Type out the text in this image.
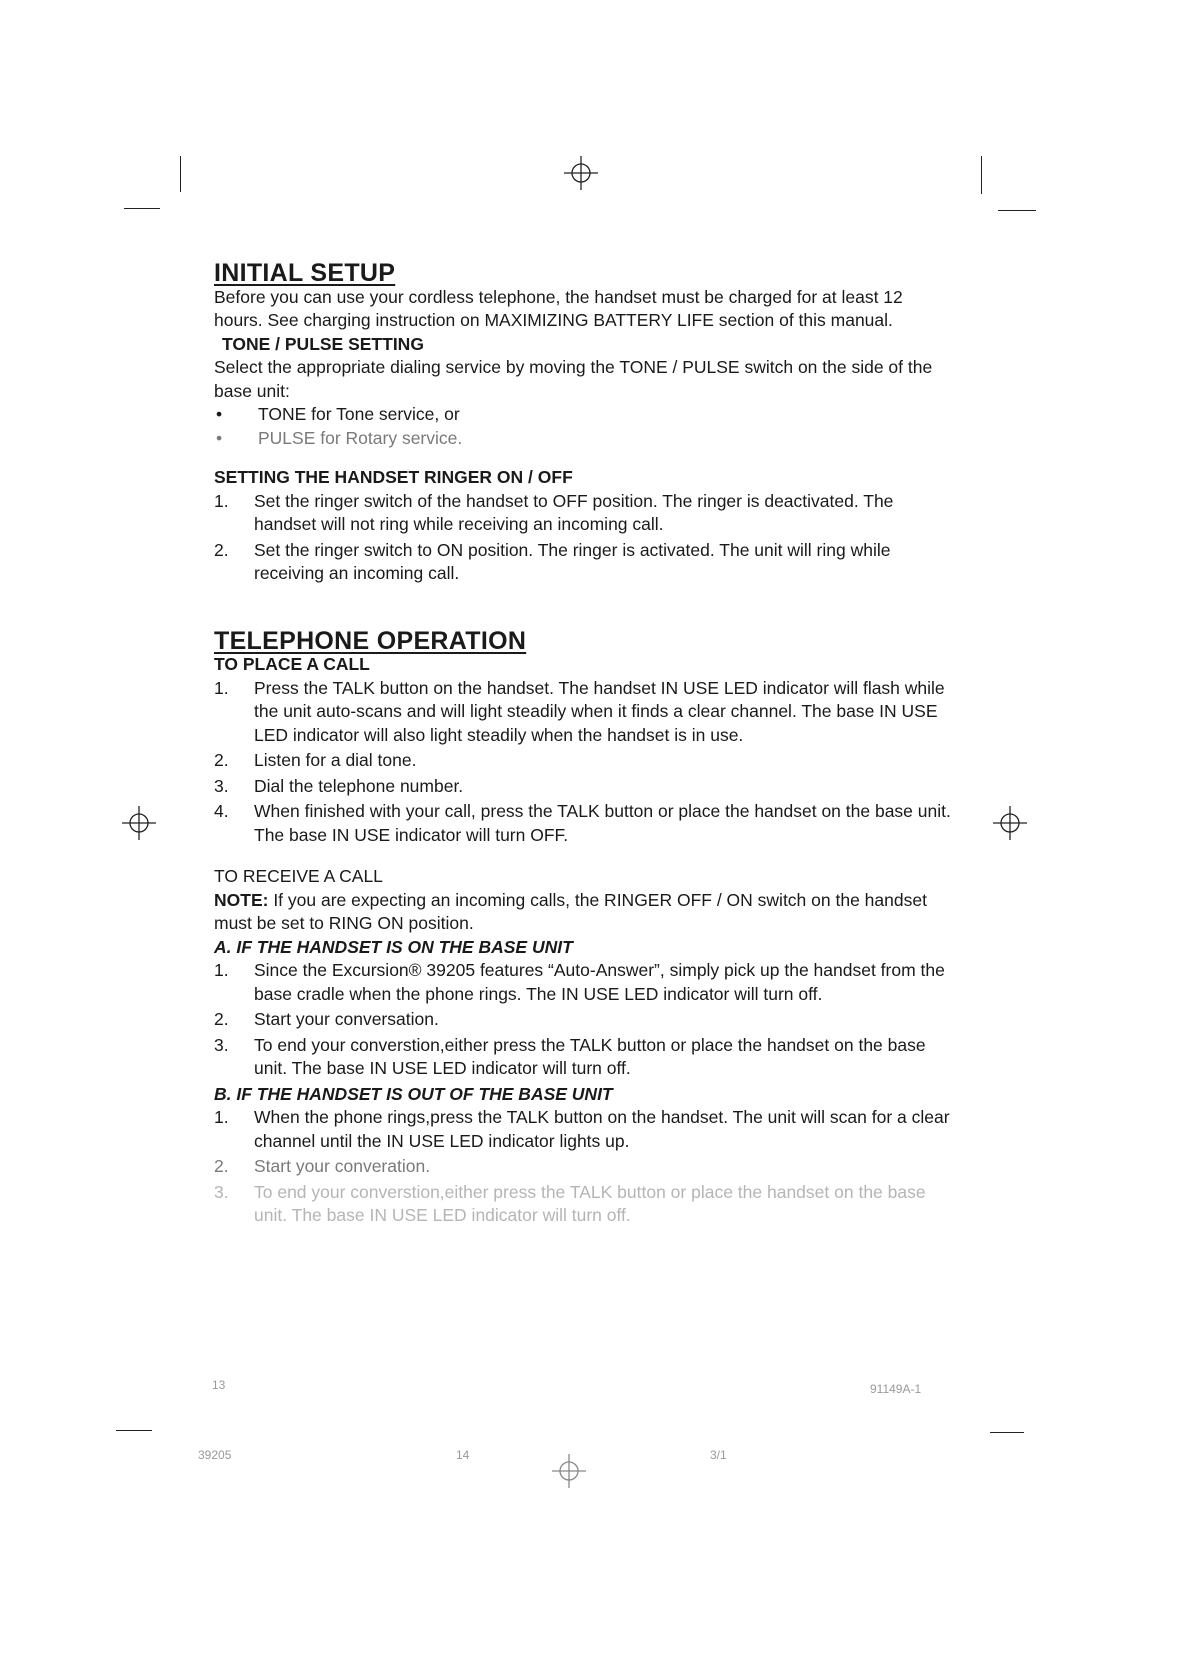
INITIAL SETUP

Before you can use your cordless telephone, the handset must be charged for at least 12 hours. See charging instruction on MAXIMIZING BATTERY LIFE section of this manual.

TONE / PULSE SETTING

Select the appropriate dialing service by moving the TONE / PULSE switch on the side of the base unit:

• TONE for Tone service, or
• PULSE for Rotary service.

SETTING THE HANDSET RINGER ON / OFF

1.	Set the ringer switch of the handset to OFF position. The ringer is deactivated. The handset will not ring while receiving an incoming call.
2.	Set the ringer switch to ON position. The ringer is activated. The unit will ring while receiving an incoming call.

TELEPHONE OPERATION

TO PLACE A CALL

1.	Press the TALK button on the handset. The handset IN USE LED indicator will flash while the unit auto-scans and will light steadily when it finds a clear channel. The base IN USE LED indicator will also light steadily when the handset is in use.
2.	Listen for a dial tone.
3.	Dial the telephone number.
4.	When finished with your call, press the TALK button or place the handset on the base unit. The base IN USE indicator will turn OFF.

TO RECEIVE A CALL

NOTE: If you are expecting an incoming calls, the RINGER OFF / ON switch on the handset must be set to RING ON position.

A. IF THE HANDSET IS ON THE BASE UNIT

1.	Since the Excursion® 39205 features “Auto-Answer”, simply pick up the handset from the base cradle when the phone rings. The IN USE LED indicator will turn off.
2.	Start your conversation.
3.	To end your converstion,either press the TALK button or place the handset on the base unit. The base IN USE LED indicator will turn off.

B. IF THE HANDSET IS OUT OF THE BASE UNIT

1.	When the phone rings,press the TALK button on the handset. The unit will scan for a clear channel until the IN USE LED indicator lights up.
2.	Start your converation.
3.	To end your converstion,either press the TALK button or place the handset on the base unit. The base IN USE LED indicator will turn off.
13	91149A-1
39205	14	3/1
